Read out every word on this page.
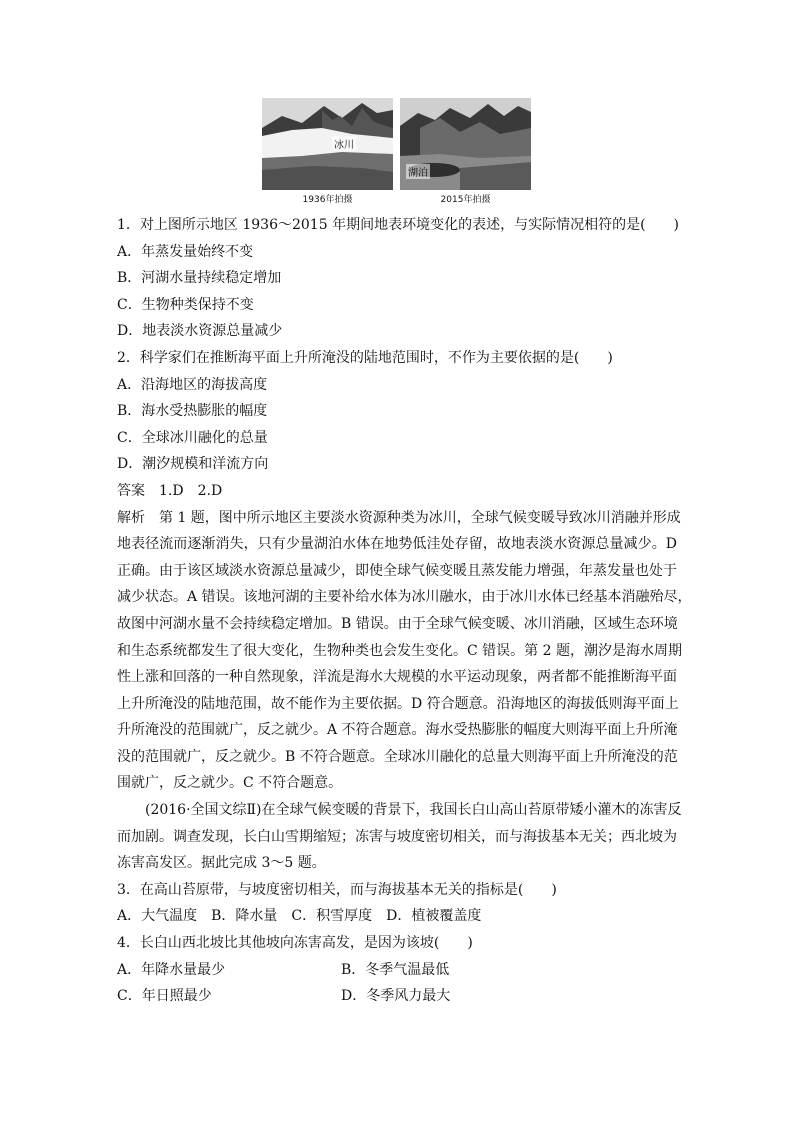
冰川
1936年拍摄
湖泊
2015年拍摄
1．对上图所示地区 1936～2015 年期间地表环境变化的表述，与实际情况相符的是(　　)
A．年蒸发量始终不变
B．河湖水量持续稳定增加
C．生物种类保持不变
D．地表淡水资源总量减少
2．科学家们在推断海平面上升所淹没的陆地范围时，不作为主要依据的是(　　)
A．沿海地区的海拔高度
B．海水受热膨胀的幅度
C．全球冰川融化的总量
D．潮汐规模和洋流方向
答案　1.D　2.D
解析　第 1 题，图中所示地区主要淡水资源种类为冰川，全球气候变暖导致冰川消融并形成
地表径流而逐渐消失，只有少量湖泊水体在地势低洼处存留，故地表淡水资源总量减少。D
正确。由于该区域淡水资源总量减少，即使全球气候变暖且蒸发能力增强，年蒸发量也处于
减少状态。A 错误。该地河湖的主要补给水体为冰川融水，由于冰川水体已经基本消融殆尽，
故图中河湖水量不会持续稳定增加。B 错误。由于全球气候变暖、冰川消融，区域生态环境
和生态系统都发生了很大变化，生物种类也会发生变化。C 错误。第 2 题，潮汐是海水周期
性上涨和回落的一种自然现象，洋流是海水大规模的水平运动现象，两者都不能推断海平面
上升所淹没的陆地范围，故不能作为主要依据。D 符合题意。沿海地区的海拔低则海平面上
升所淹没的范围就广，反之就少。A 不符合题意。海水受热膨胀的幅度大则海平面上升所淹
没的范围就广，反之就少。B 不符合题意。全球冰川融化的总量大则海平面上升所淹没的范
围就广，反之就少。C 不符合题意。
(2016·全国文综Ⅱ)在全球气候变暖的背景下，我国长白山高山苔原带矮小灌木的冻害反
而加剧。调查发现，长白山雪期缩短；冻害与坡度密切相关，而与海拔基本无关；西北坡为
冻害高发区。据此完成 3～5 题。
3．在高山苔原带，与坡度密切相关，而与海拔基本无关的指标是(　　)
A．大气温度　B．降水量　C．积雪厚度　D．植被覆盖度
4．长白山西北坡比其他坡向冻害高发，是因为该坡(　　)
A．年降水量最少	B．冬季气温最低
C．年日照最少	D．冬季风力最大
